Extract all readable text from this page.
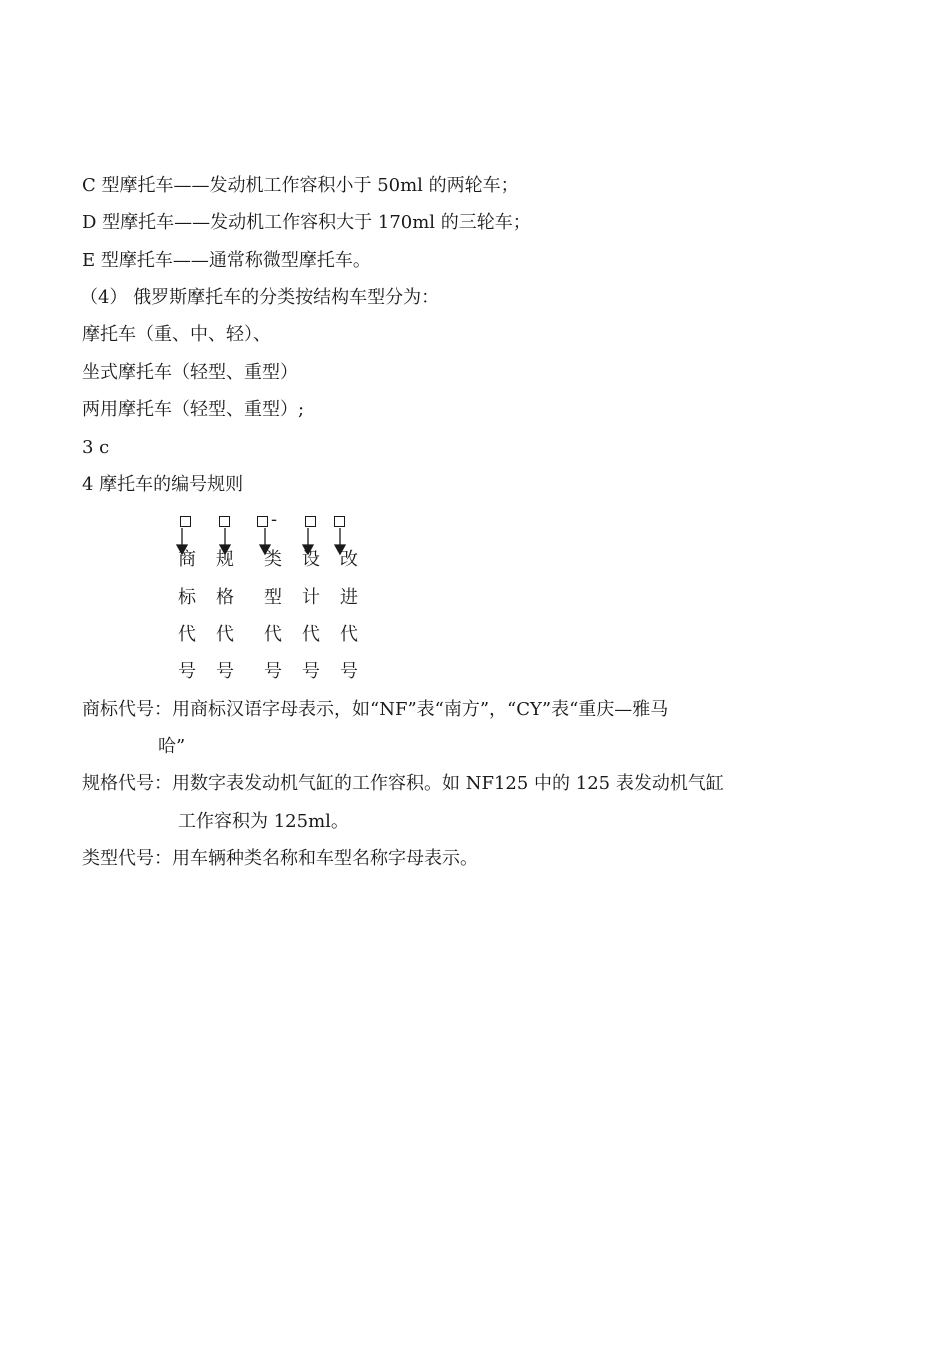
C 型摩托车——发动机工作容积小于 50ml 的两轮车；
D 型摩托车——发动机工作容积大于 170ml 的三轮车；
E 型摩托车——通常称微型摩托车。
（4） 俄罗斯摩托车的分类按结构车型分为：
摩托车（重、中、轻）、
坐式摩托车（轻型、重型）
两用摩托车（轻型、重型）;
3 c
4 摩托车的编号规则
-
商
标
代
号
规
格
代
号
类
型
代
号
设
计
代
号
改
进
代
号
商标代号：用商标汉语字母表示，如“NF”表“南方”，“CY”表“重庆—雅马
哈”
规格代号：用数字表发动机气缸的工作容积。如 NF125 中的 125 表发动机气缸
工作容积为 125ml。
类型代号：用车辆种类名称和车型名称字母表示。
